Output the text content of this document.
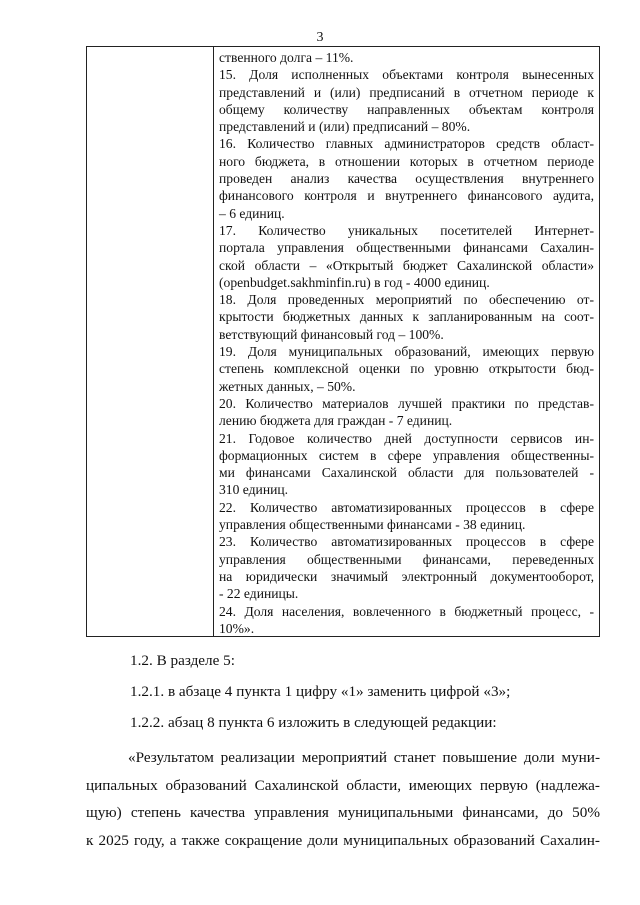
3
ственного долга – 11%.
15. Доля исполненных объектами контроля вынесенных
представлений и (или) предписаний в отчетном периоде к
общему количеству направленных объектам контроля
представлений и (или) предписаний – 80%.
16. Количество главных администраторов средств област-
ного бюджета, в отношении которых в отчетном периоде
проведен анализ качества осуществления внутреннего
финансового контроля и внутреннего финансового аудита,
– 6 единиц.
17. Количество уникальных посетителей Интернет-
портала управления общественными финансами Сахалин-
ской области – «Открытый бюджет Сахалинской области»
(openbudget.sakhminfin.ru) в год - 4000 единиц.
18. Доля проведенных мероприятий по обеспечению от-
крытости бюджетных данных к запланированным на соот-
ветствующий финансовый год – 100%.
19. Доля муниципальных образований, имеющих первую
степень комплексной оценки по уровню открытости бюд-
жетных данных, – 50%.
20. Количество материалов лучшей практики по представ-
лению бюджета для граждан - 7 единиц.
21. Годовое количество дней доступности сервисов ин-
формационных систем в сфере управления общественны-
ми финансами Сахалинской области для пользователей -
310 единиц.
22. Количество автоматизированных процессов в сфере
управления общественными финансами - 38 единиц.
23. Количество автоматизированных процессов в сфере
управления общественными финансами, переведенных
на юридически значимый электронный документооборот,
- 22 единицы.
24. Доля населения, вовлеченного в бюджетный процесс, -
10%».
1.2. В разделе 5:
1.2.1. в абзаце 4 пункта 1 цифру «1» заменить цифрой «3»;
1.2.2. абзац 8 пункта 6 изложить в следующей редакции:
«Результатом реализации мероприятий станет повышение доли муни-
ципальных образований Сахалинской области, имеющих первую (надлежа-
щую) степень качества управления муниципальными финансами, до 50%
к 2025 году, а также сокращение доли муниципальных образований Сахалин-
